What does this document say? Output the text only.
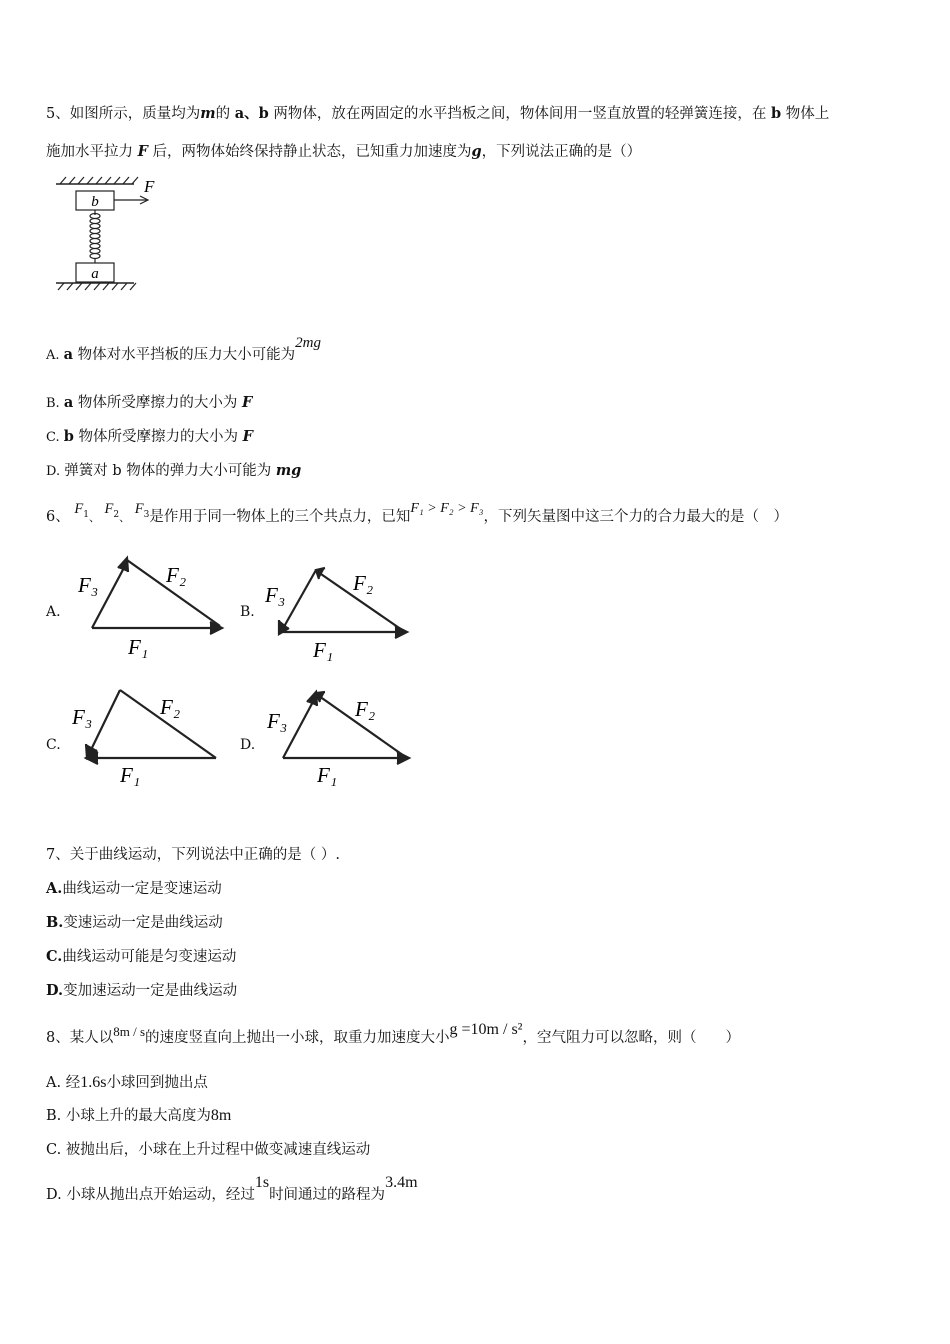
5、如图所示，质量均为m的 a、b 两物体，放在两固定的水平挡板之间，物体间用一竖直放置的轻弹簧连接，在 b 物体上
施加水平拉力 F 后，两物体始终保持静止状态，已知重力加速度为g，下列说法正确的是（）
b
a
F
A. a 物体对水平挡板的压力大小可能为2mg
B. a 物体所受摩擦力的大小为 F
C. b 物体所受摩擦力的大小为 F
D. 弹簧对 b 物体的弹力大小可能为 mg
6、 $F^1$、 $F^2$、 $F^3$是作用于同一物体上的三个共点力，已知F₁ > F₂ > F₃，下列矢量图中这三个力的合力最大的是（　）
A.
F₃	F₂
F₁
B.
F₃	F₂
F₁
C.
F₃	F₂
F₁
D.
F₃	F₂
F₁
7、关于曲线运动，下列说法中正确的是（ ）.
A.曲线运动一定是变速运动
B.变速运动一定是曲线运动
C.曲线运动可能是匀变速运动
D.变加速运动一定是曲线运动
8、某人以8m / s的速度竖直向上抛出一小球，取重力加速度大小g =10m / s²，空气阻力可以忽略，则（　　）
A. 经1.6s小球回到抛出点
B. 小球上升的最大高度为8m
C. 被抛出后，小球在上升过程中做变减速直线运动
D. 小球从抛出点开始运动，经过1s时间通过的路程为3.4m
